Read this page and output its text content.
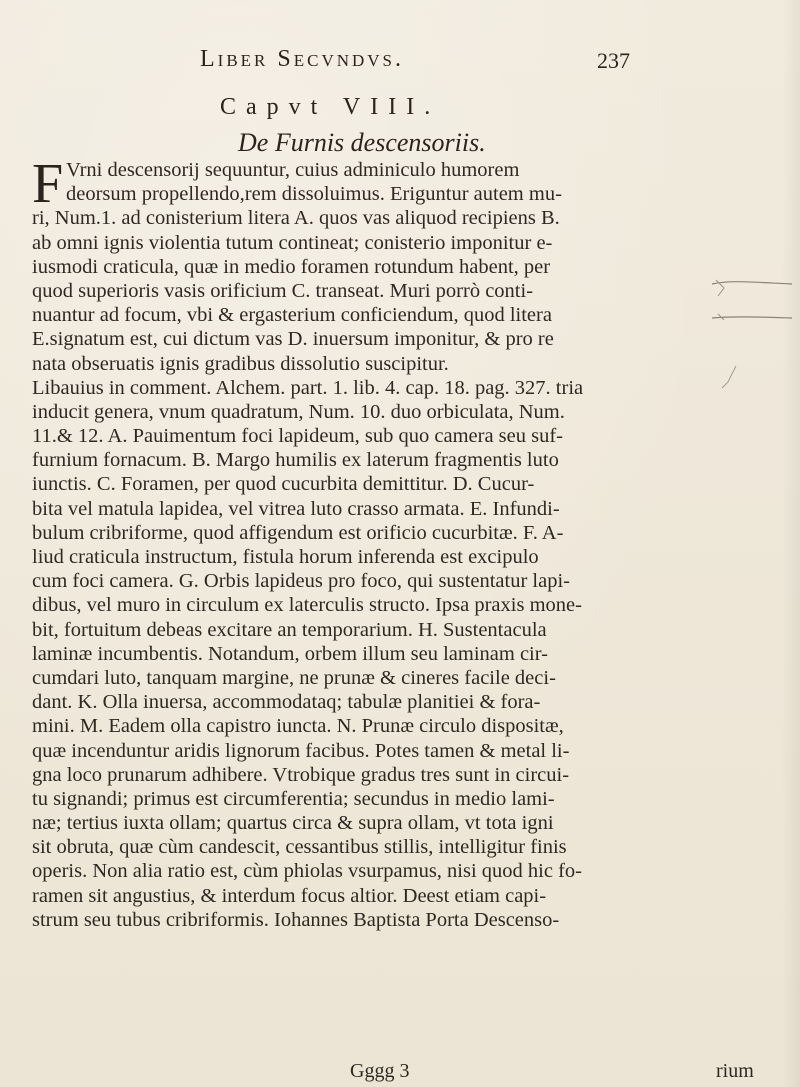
Liber Secvndvs.	237
Capvt VIII.
De Furnis descensoriis.
F Vrni descensorij sequuntur, cuius adminiculo humorem
deorsum propellendo,rem dissoluimus. Eriguntur autem mu-
ri, Num.1. ad conisterium litera A. quos vas aliquod recipiens B.
ab omni ignis violentia tutum contineat; conisterio imponitur e-
iusmodi craticula, quæ in medio foramen rotundum habent, per
quod superioris vasis orificium C. transeat. Muri porrò conti-
nuantur ad focum, vbi & ergasterium conficiendum, quod litera
E.signatum est, cui dictum vas D. inuersum imponitur, & pro re
nata obseruatis ignis gradibus dissolutio suscipitur.
Libauius in comment. Alchem. part. 1. lib. 4. cap. 18. pag. 327. tria
inducit genera, vnum quadratum, Num. 10. duo orbiculata, Num.
11.& 12. A. Pauimentum foci lapideum, sub quo camera seu suf-
furnium fornacum. B. Margo humilis ex laterum fragmentis luto
iunctis. C. Foramen, per quod cucurbita demittitur. D. Cucur-
bita vel matula lapidea, vel vitrea luto crasso armata. E. Infundi-
bulum cribriforme, quod affigendum est orificio cucurbitæ. F. A-
liud craticula instructum, fistula horum inferenda est excipulo
cum foci camera. G. Orbis lapideus pro foco, qui sustentatur lapi-
dibus, vel muro in circulum ex laterculis structo. Ipsa praxis mone-
bit, fortuitum debeas excitare an temporarium. H. Sustentacula
laminæ incumbentis. Notandum, orbem illum seu laminam cir-
cumdari luto, tanquam margine, ne prunæ & cineres facile deci-
dant. K. Olla inuersa, accommodataq; tabulæ planitiei & fora-
mini. M. Eadem olla capistro iuncta. N. Prunæ circulo dispositæ,
quæ incenduntur aridis lignorum facibus. Potes tamen & metal li-
gna loco prunarum adhibere. Vtrobique gradus tres sunt in circui-
tu signandi; primus est circumferentia; secundus in medio lami-
næ; tertius iuxta ollam; quartus circa & supra ollam, vt tota igni
sit obruta, quæ cùm candescit, cessantibus stillis, intelligitur finis
operis. Non alia ratio est, cùm phiolas vsurpamus, nisi quod hic fo-
ramen sit angustius, & interdum focus altior. Deest etiam capi-
strum seu tubus cribriformis. Iohannes Baptista Porta Descenso-
Gggg 3	rium
